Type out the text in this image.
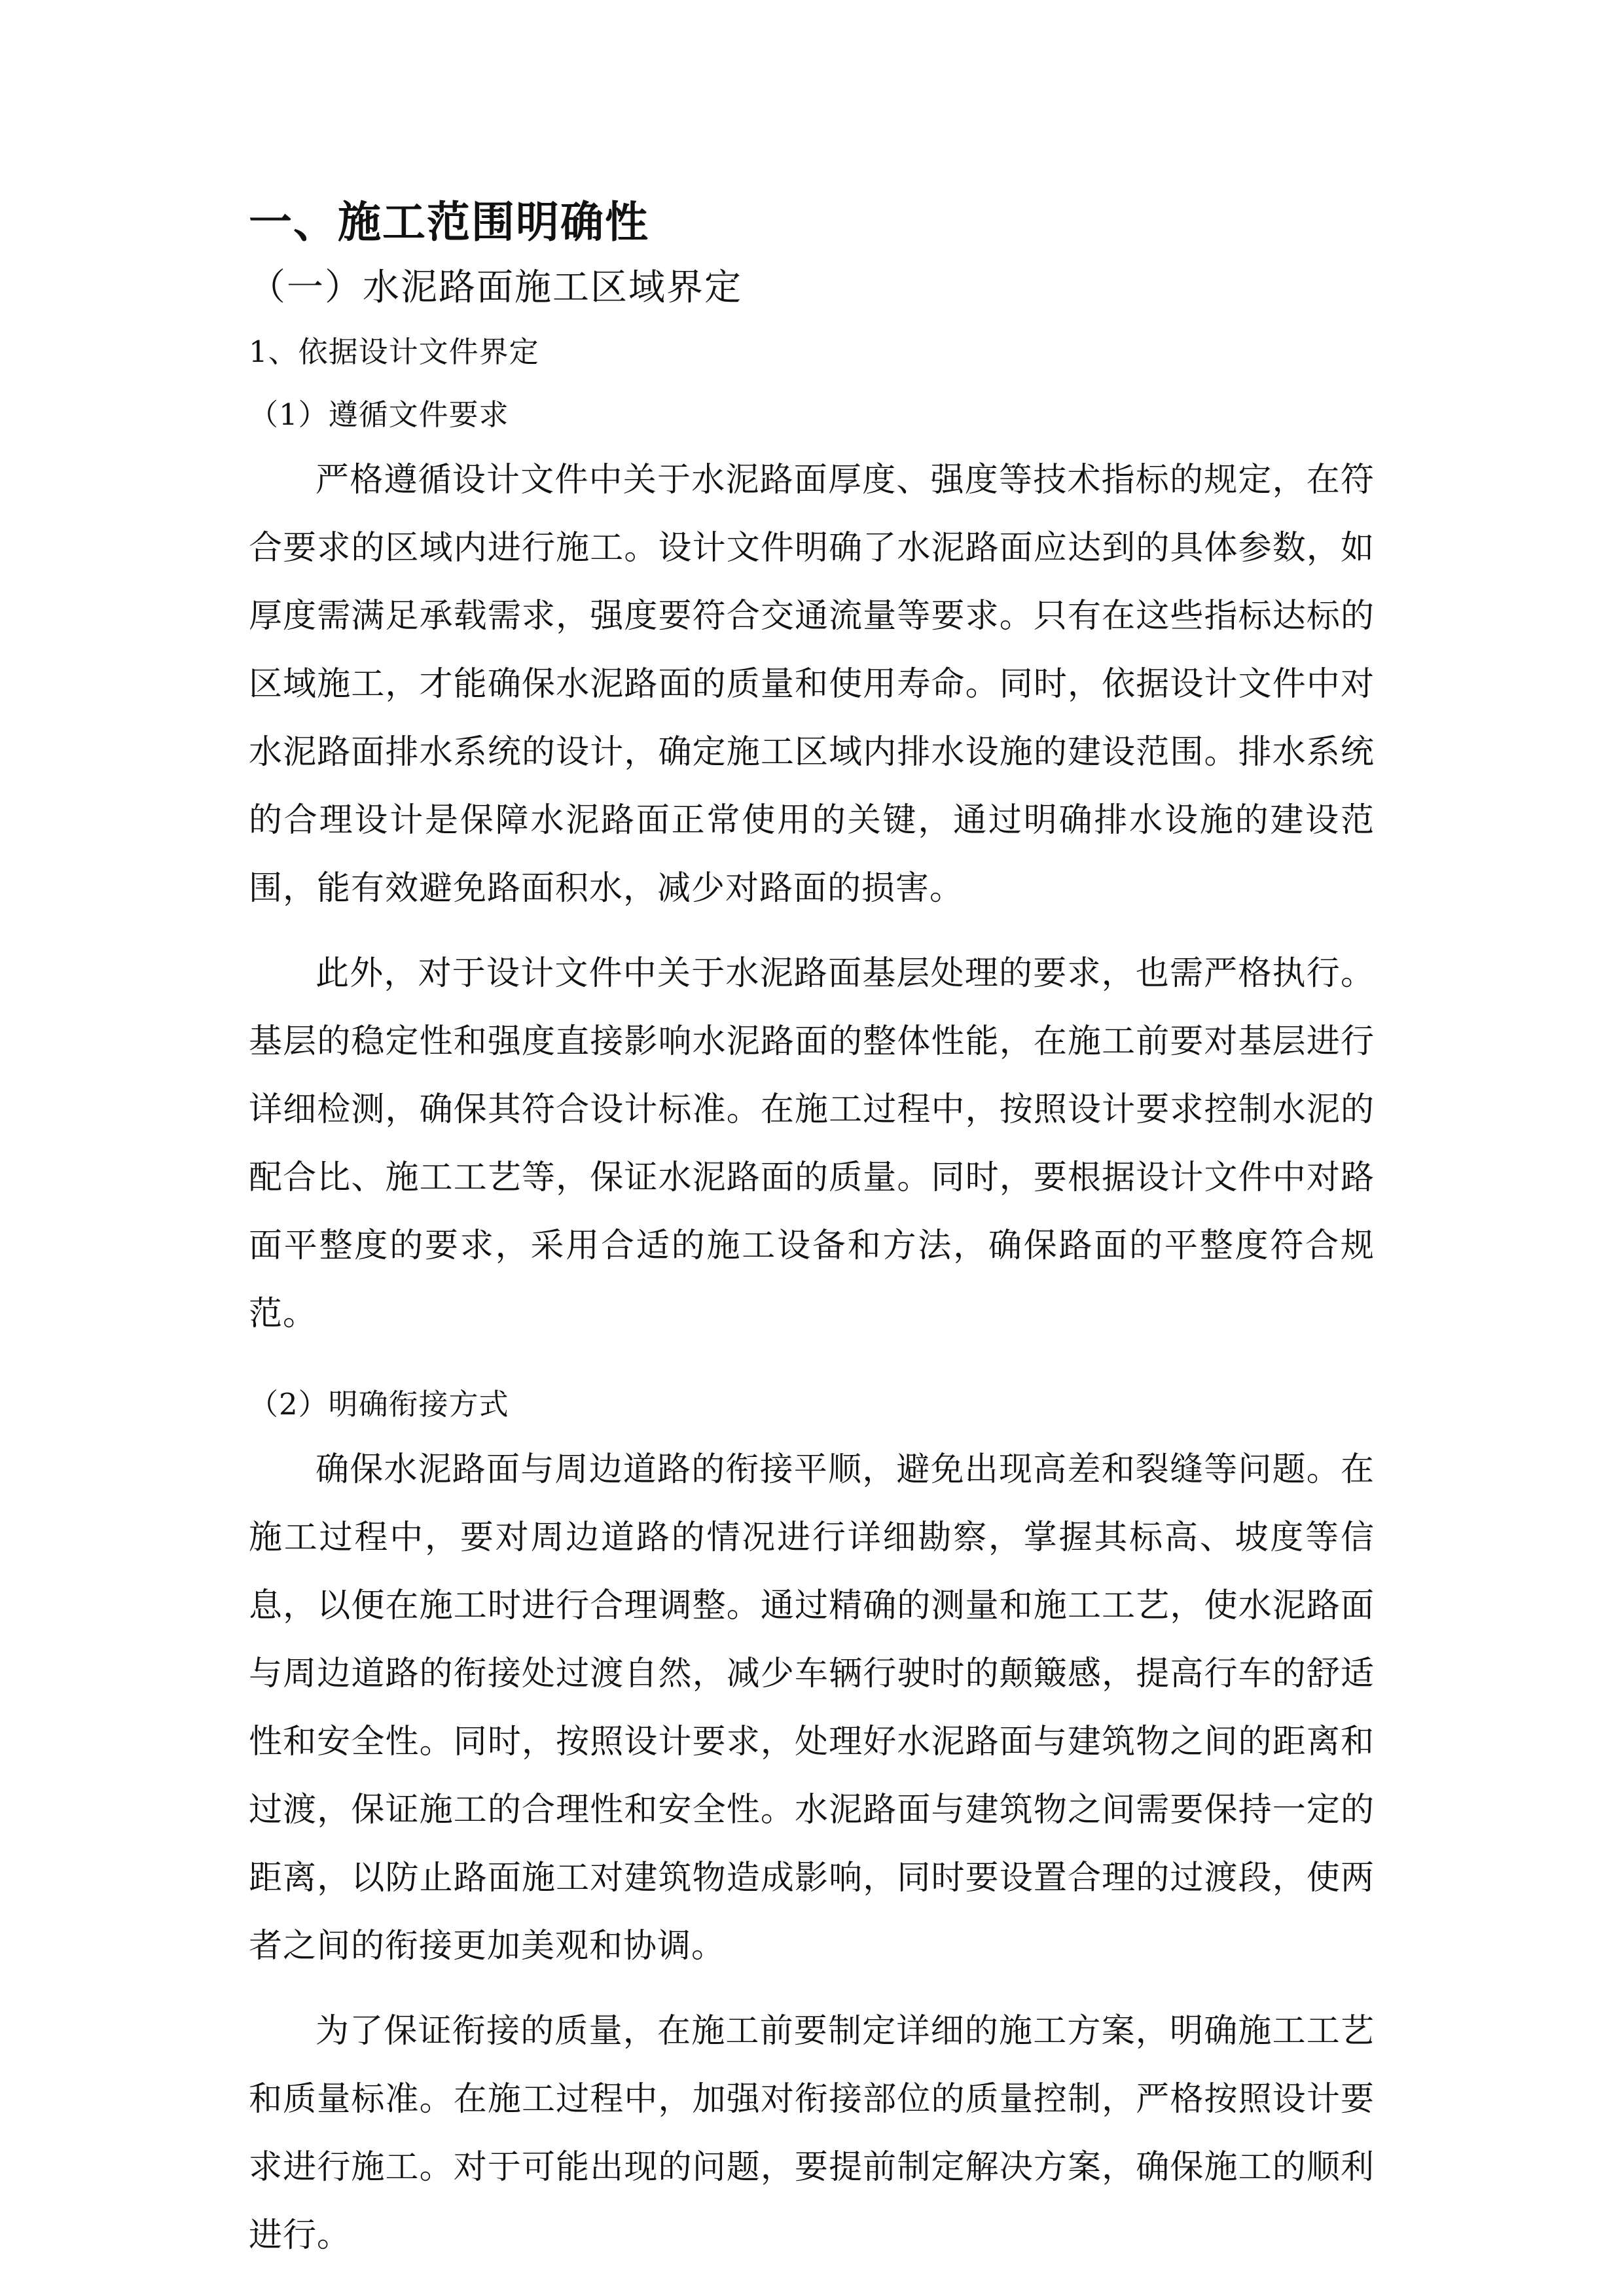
一、施工范围明确性
（一）水泥路面施工区域界定
1、依据设计文件界定
（1）遵循文件要求

严格遵循设计文件中关于水泥路面厚度、强度等技术指标的规定，在符合要求的区域内进行施工。设计文件明确了水泥路面应达到的具体参数，如厚度需满足承载需求，强度要符合交通流量等要求。只有在这些指标达标的区域施工，才能确保水泥路面的质量和使用寿命。同时，依据设计文件中对水泥路面排水系统的设计，确定施工区域内排水设施的建设范围。排水系统的合理设计是保障水泥路面正常使用的关键，通过明确排水设施的建设范围，能有效避免路面积水，减少对路面的损害。

此外，对于设计文件中关于水泥路面基层处理的要求，也需严格执行。基层的稳定性和强度直接影响水泥路面的整体性能，在施工前要对基层进行详细检测，确保其符合设计标准。在施工过程中，按照设计要求控制水泥的配合比、施工工艺等，保证水泥路面的质量。同时，要根据设计文件中对路面平整度的要求，采用合适的施工设备和方法，确保路面的平整度符合规范。

（2）明确衔接方式

确保水泥路面与周边道路的衔接平顺，避免出现高差和裂缝等问题。在施工过程中，要对周边道路的情况进行详细勘察，掌握其标高、坡度等信息，以便在施工时进行合理调整。通过精确的测量和施工工艺，使水泥路面与周边道路的衔接处过渡自然，减少车辆行驶时的颠簸感，提高行车的舒适性和安全性。同时，按照设计要求，处理好水泥路面与建筑物之间的距离和过渡，保证施工的合理性和安全性。水泥路面与建筑物之间需要保持一定的距离，以防止路面施工对建筑物造成影响，同时要设置合理的过渡段，使两者之间的衔接更加美观和协调。

为了保证衔接的质量，在施工前要制定详细的施工方案，明确施工工艺和质量标准。在施工过程中，加强对衔接部位的质量控制，严格按照设计要求进行施工。对于可能出现的问题，要提前制定解决方案，确保施工的顺利进行。
